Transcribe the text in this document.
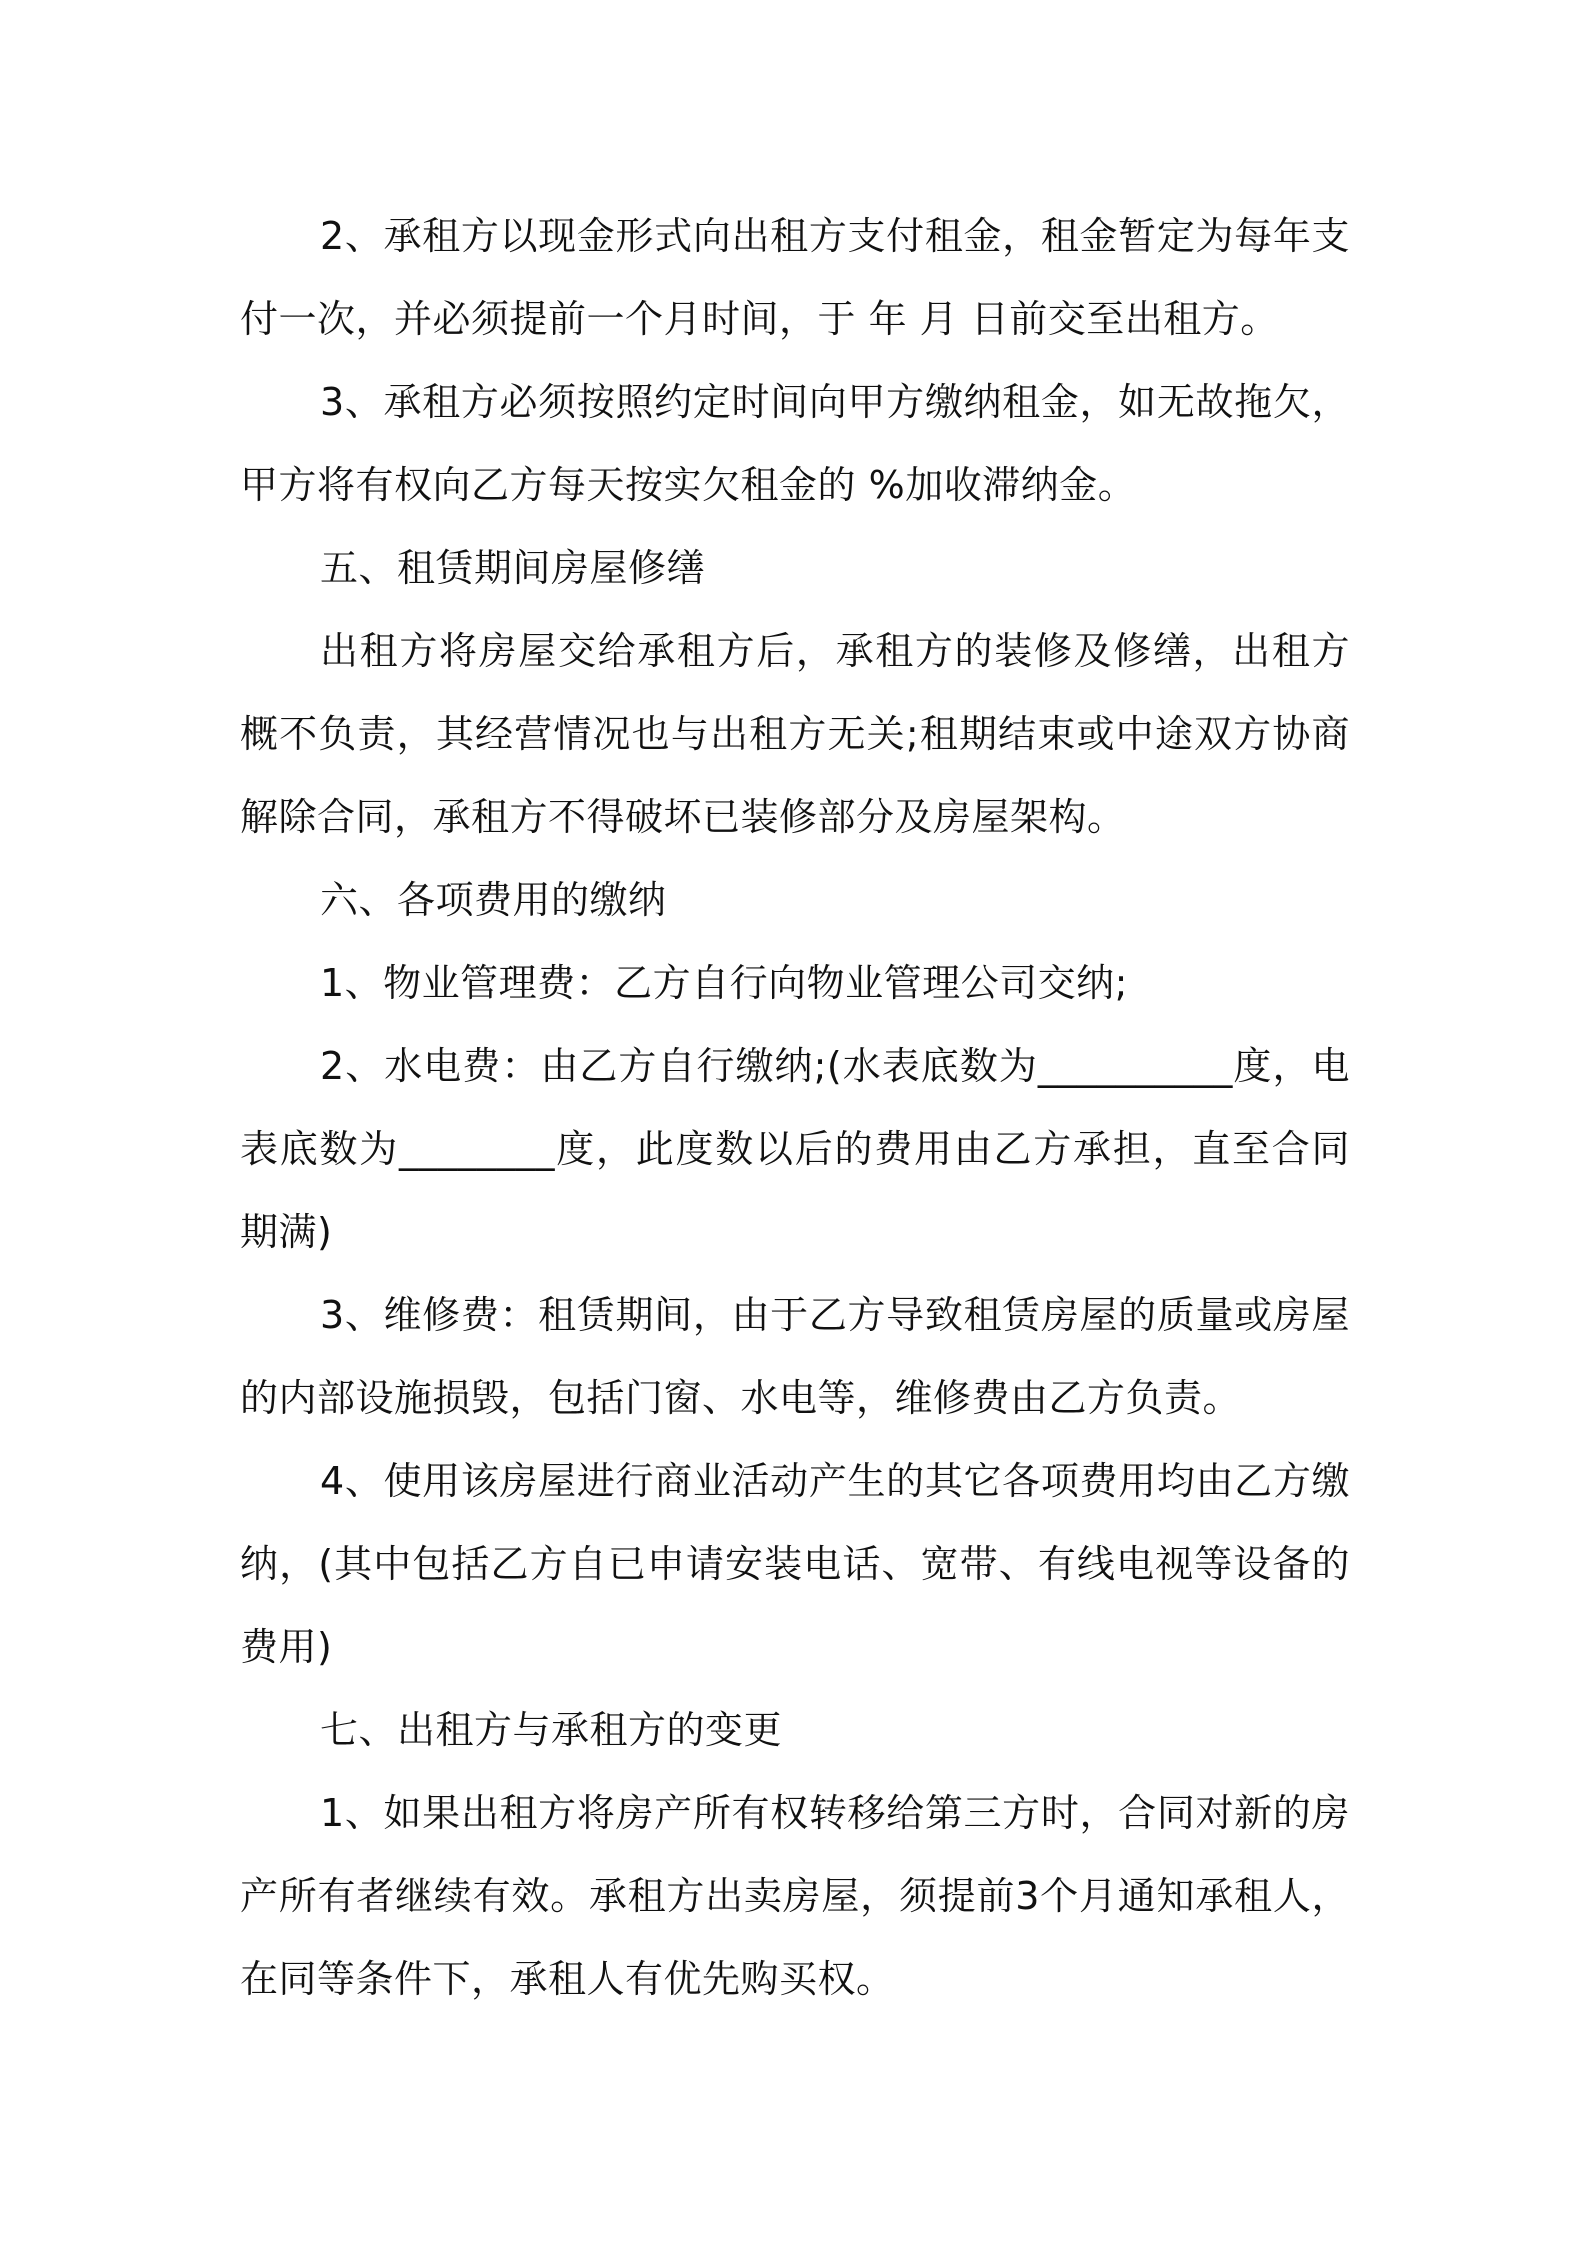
2、承租方以现金形式向出租方支付租金，租金暂定为每年支付一次，并必须提前一个月时间，于 年 月 日前交至出租方。

3、承租方必须按照约定时间向甲方缴纳租金，如无故拖欠，甲方将有权向乙方每天按实欠租金的 %加收滞纳金。

五、租赁期间房屋修缮

出租方将房屋交给承租方后，承租方的装修及修缮，出租方概不负责，其经营情况也与出租方无关;租期结束或中途双方协商解除合同，承租方不得破坏已装修部分及房屋架构。

六、各项费用的缴纳

1、物业管理费：乙方自行向物业管理公司交纳;

2、水电费：由乙方自行缴纳;(水表底数为__________度，电表底数为________度，此度数以后的费用由乙方承担，直至合同期满)

3、维修费：租赁期间，由于乙方导致租赁房屋的质量或房屋的内部设施损毁，包括门窗、水电等，维修费由乙方负责。

4、使用该房屋进行商业活动产生的其它各项费用均由乙方缴纳，(其中包括乙方自已申请安装电话、宽带、有线电视等设备的费用)

七、出租方与承租方的变更

1、如果出租方将房产所有权转移给第三方时，合同对新的房产所有者继续有效。承租方出卖房屋，须提前3个月通知承租人，在同等条件下，承租人有优先购买权。
